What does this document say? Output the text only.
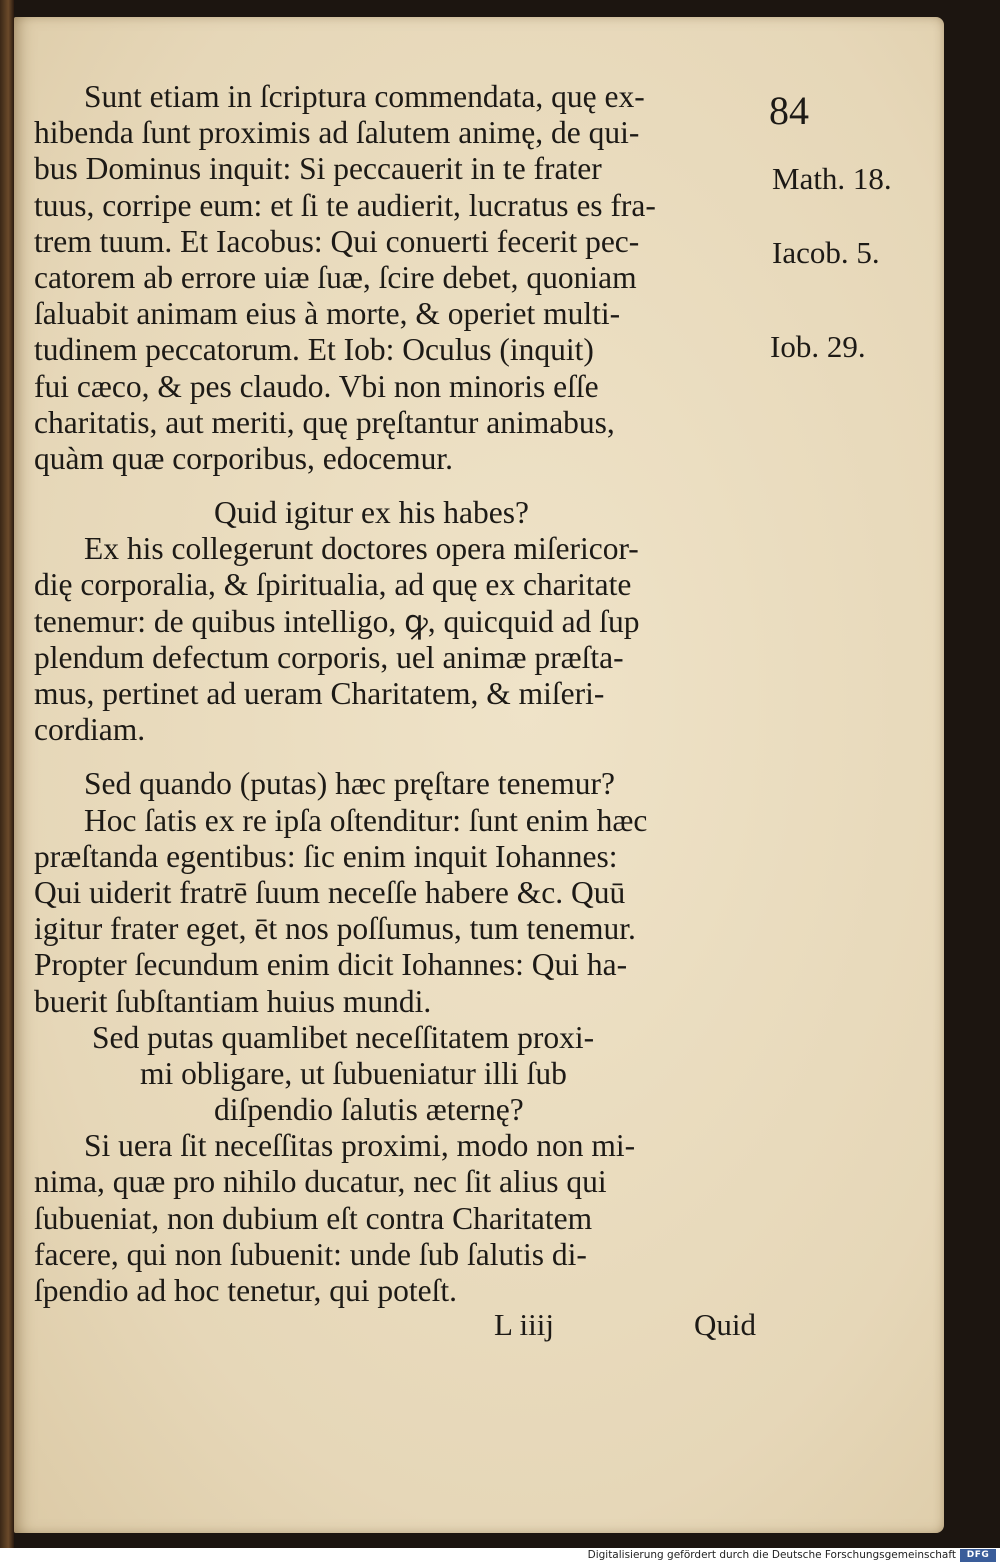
84
Math. 18.
Iacob. 5.
Iob. 29.
Sunt etiam in ſcriptura commendata, quę ex-
hibenda ſunt proximis ad ſalutem animę, de qui-
bus Dominus inquit: Si peccauerit in te frater
tuus, corripe eum: et ſi te audierit, lucratus es fra-
trem tuum. Et Iacobus: Qui conuerti fecerit pec-
catorem ab errore uiæ ſuæ, ſcire debet, quoniam
ſaluabit animam eius à morte, & operiet multi-
tudinem peccatorum. Et Iob: Oculus (inquit)
fui cæco, & pes claudo. Vbi non minoris eſſe
charitatis, aut meriti, quę pręſtantur animabus,
quàm quæ corporibus, edocemur.
Quid igitur ex his habes?
Ex his collegerunt doctores opera miſericor-
dię corporalia, & ſpiritualia, ad quę ex charitate
tenemur: de quibus intelligo, ꝙ, quicquid ad ſup
plendum defectum corporis, uel animæ præſta-
mus, pertinet ad ueram Charitatem, & miſeri-
cordiam.
Sed quando (putas) hæc pręſtare tenemur?
Hoc ſatis ex re ipſa oſtenditur: ſunt enim hæc
præſtanda egentibus: ſic enim inquit Iohannes:
Qui uiderit fratrē ſuum neceſſe habere &c. Quū
igitur frater eget, ēt nos poſſumus, tum tenemur.
Propter ſecundum enim dicit Iohannes: Qui ha-
buerit ſubſtantiam huius mundi.
Sed putas quamlibet neceſſitatem proxi-
mi obligare, ut ſubueniatur illi ſub
diſpendio ſalutis æternę?
Si uera ſit neceſſitas proximi, modo non mi-
nima, quæ pro nihilo ducatur, nec ſit alius qui
ſubueniat, non dubium eſt contra Charitatem
facere, qui non ſubuenit: unde ſub ſalutis di-
ſpendio ad hoc tenetur, qui poteſt.
L iiij	Quid
Digitalisierung gefördert durch die Deutsche Forschungsgemeinschaft	DFG
